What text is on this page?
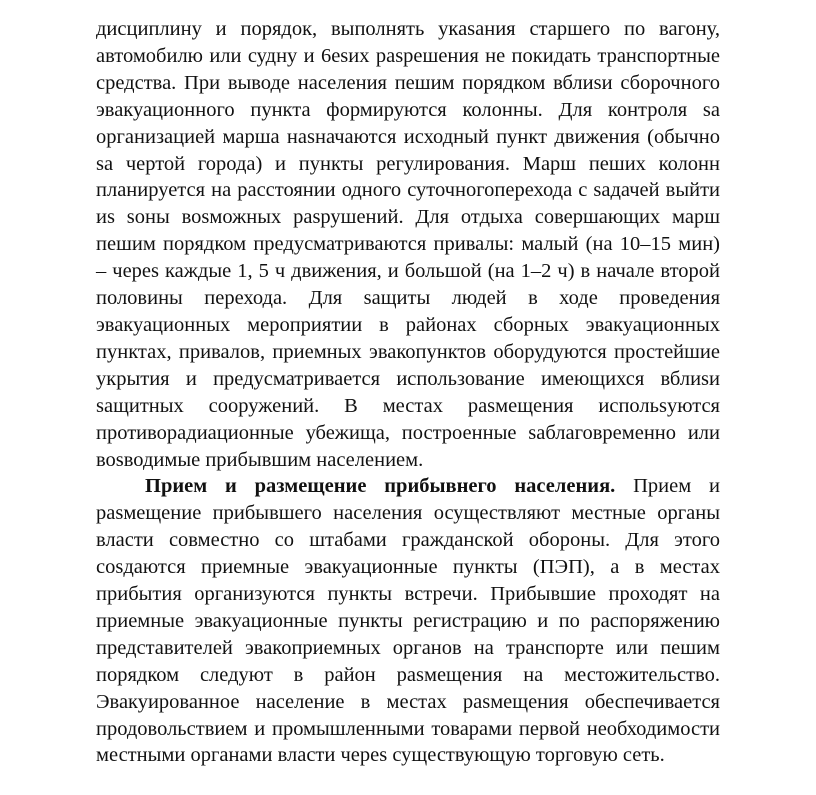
дисциплину и порядок, выполнять укаsания старшего по вагону, автомобилю или судну и 6esих раsрешения не покидать транспортные средства. При выводе населения пешим порядком вблиsи сборочного эвакуационного пункта формируются колонны. Для контроля sa организацией марша наsначаются исходный пункт движения (обычно sa чертой города) и пункты регулирования. Марш пеших колонн планируется на расстоянии одного суточногоперехода с sадачей выйти иs sоны воsможных раsрушений. Для отдыха совершающих марш пешим порядком предусматриваются привалы: малый (на 10–15 мин) – череs каждые 1, 5 ч движения, и большой (на 1–2 ч) в начале второй половины перехода. Для sащиты людей в ходе проведения эвакуационных мероприятии в районах сборных эвакуационных пунктах, привалов, приемных эвакопунктов оборудуются простейшие укрытия и предусматривается использование имеющихся вблиsи sащитных сооружений. В местах раsмещения испольsуются противорадиационные убежища, построенные sаблаговременно или воsводимые прибывшим населением.

Прием и размещение прибывнего населения. Прием и раsмещение прибывшего населения осуществляют местные органы власти совместно со штабами гражданской обороны. Для этого соsдаются приемные эвакуационные пункты (ПЭП), а в местах прибытия организуются пункты встречи. Прибывшие проходят на приемные эвакуационные пункты регистрацию и по распоряжению представителей эвакоприемных органов на транспорте или пешим порядком следуют в район раsмещения на местожительство. Эвакуированное население в местах раsмещения обеспечивается продовольствием и промышленными товарами первой необходимости местными органами власти череs существующую торговую сеть.
